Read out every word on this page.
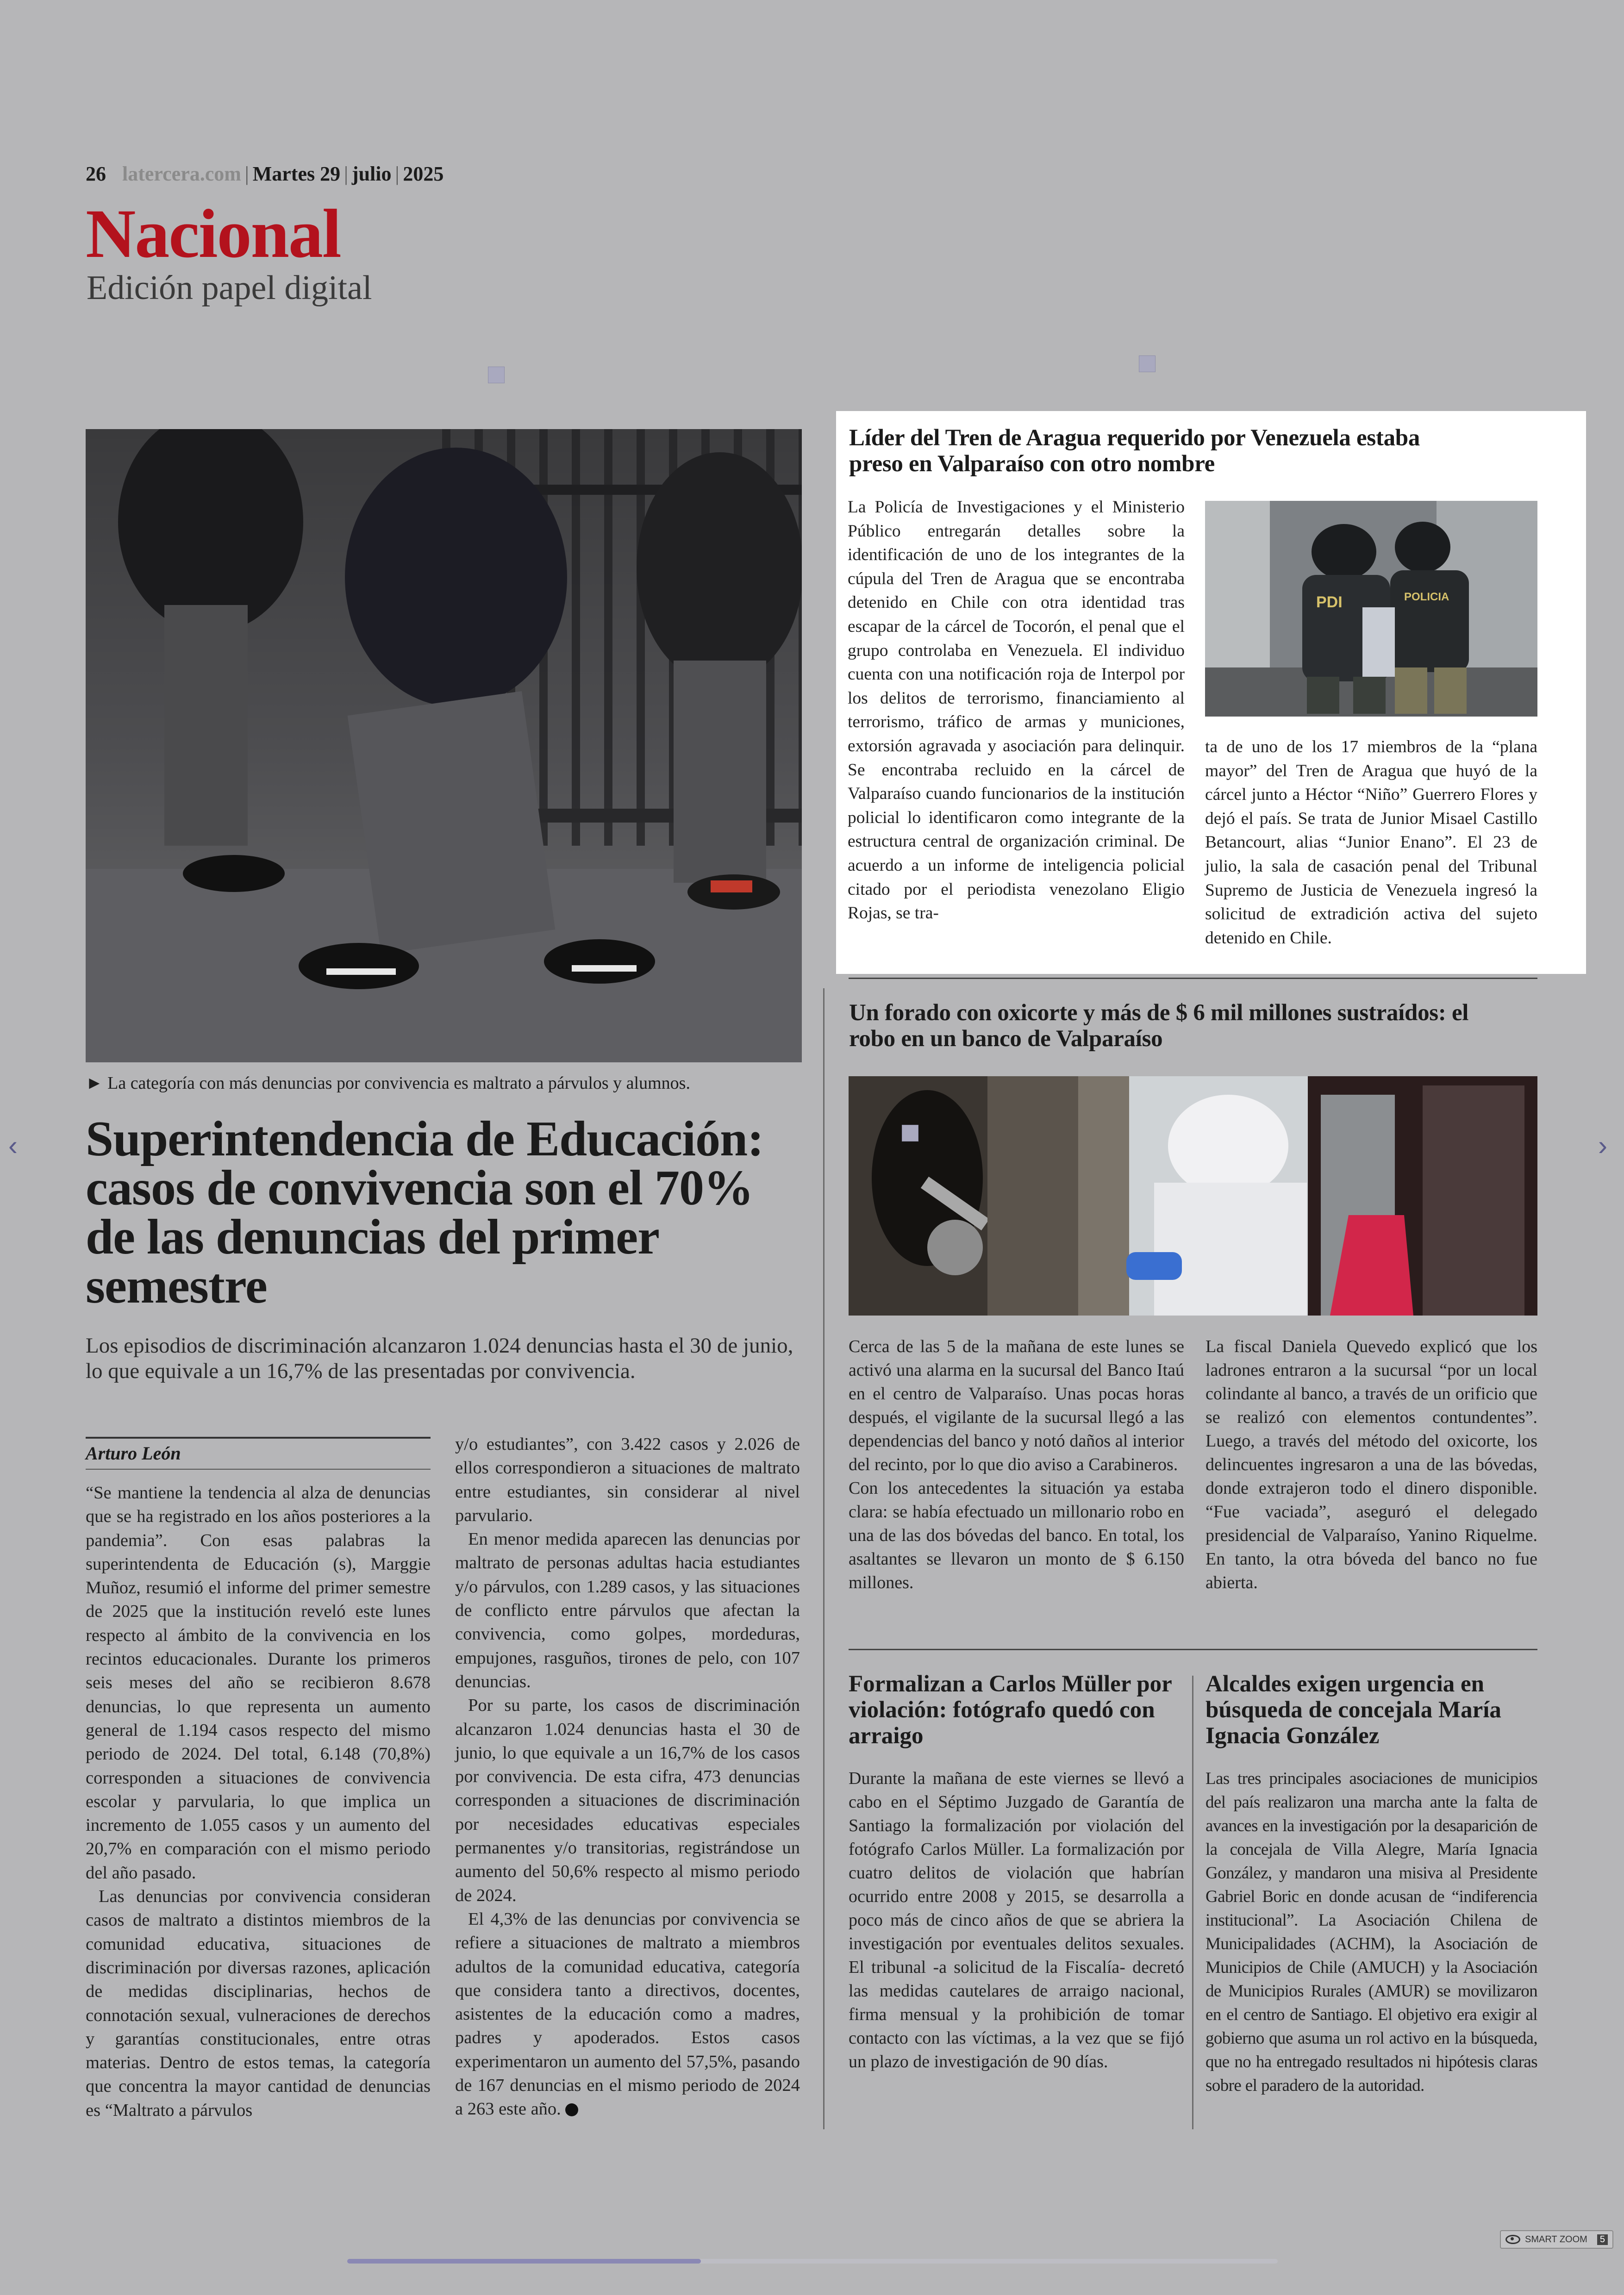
26 latercera.com | Martes 29 | julio | 2025
Nacional
Edición papel digital
► La categoría con más denuncias por convivencia es maltrato a párvulos y alumnos.
Superintendencia de Educación: casos de convivencia son el 70% de las denuncias del primer semestre
Los episodios de discriminación alcanzaron 1.024 denuncias hasta el 30 de junio, lo que equivale a un 16,7% de las presentadas por convivencia.
Arturo León

“Se mantiene la tendencia al alza de denuncias que se ha registrado en los años posteriores a la pandemia”. Con esas palabras la superintendenta de Educación (s), Marggie Muñoz, resumió el informe del primer semestre de 2025 que la institución reveló este lunes respecto al ámbito de la convivencia en los recintos educacionales. Durante los primeros seis meses del año se recibieron 8.678 denuncias, lo que representa un aumento general de 1.194 casos respecto del mismo periodo de 2024. Del total, 6.148 (70,8%) corresponden a situaciones de convivencia escolar y parvularia, lo que implica un incremento de 1.055 casos y un aumento del 20,7% en comparación con el mismo periodo del año pasado.

Las denuncias por convivencia consideran casos de maltrato a distintos miembros de la comunidad educativa, situaciones de discriminación por diversas razones, aplicación de medidas disciplinarias, hechos de connotación sexual, vulneraciones de derechos y garantías constitucionales, entre otras materias. Dentro de estos temas, la categoría que concentra la mayor cantidad de denuncias es “Maltrato a párvulos

y/o estudiantes”, con 3.422 casos y 2.026 de ellos correspondieron a situaciones de maltrato entre estudiantes, sin considerar al nivel parvulario.

En menor medida aparecen las denuncias por maltrato de personas adultas hacia estudiantes y/o párvulos, con 1.289 casos, y las situaciones de conflicto entre párvulos que afectan la convivencia, como golpes, mordeduras, empujones, rasguños, tirones de pelo, con 107 denuncias.

Por su parte, los casos de discriminación alcanzaron 1.024 denuncias hasta el 30 de junio, lo que equivale a un 16,7% de los casos por convivencia. De esta cifra, 473 denuncias corresponden a situaciones de discriminación por necesidades educativas especiales permanentes y/o transitorias, registrándose un aumento del 50,6% respecto al mismo periodo de 2024.

El 4,3% de las denuncias por convivencia se refiere a situaciones de maltrato a miembros adultos de la comunidad educativa, categoría que considera tanto a directivos, docentes, asistentes de la educación como a madres, padres y apoderados. Estos casos experimentaron un aumento del 57,5%, pasando de 167 denuncias en el mismo periodo de 2024 a 263 este año.

Líder del Tren de Aragua requerido por Venezuela estaba preso en Valparaíso con otro nombre

La Policía de Investigaciones y el Ministerio Público entregarán detalles sobre la identificación de uno de los integrantes de la cúpula del Tren de Aragua que se encontraba detenido en Chile con otra identidad tras escapar de la cárcel de Tocorón, el penal que el grupo controlaba en Venezuela. El individuo cuenta con una notificación roja de Interpol por los delitos de terrorismo, financiamiento al terrorismo, tráfico de armas y municiones, extorsión agravada y asociación para delinquir. Se encontraba recluido en la cárcel de Valparaíso cuando funcionarios de la institución policial lo identificaron como integrante de la estructura central de organización criminal. De acuerdo a un informe de inteligencia policial citado por el periodista venezolano Eligio Rojas, se tra-

PDI	POLICIA

ta de uno de los 17 miembros de la “plana mayor” del Tren de Aragua que huyó de la cárcel junto a Héctor “Niño” Guerrero Flores y dejó el país. Se trata de Junior Misael Castillo Betancourt, alias “Junior Enano”. El 23 de julio, la sala de casación penal del Tribunal Supremo de Justicia de Venezuela ingresó la solicitud de extradición activa del sujeto detenido en Chile.

Un forado con oxicorte y más de $ 6 mil millones sustraídos: el robo en un banco de Valparaíso

Cerca de las 5 de la mañana de este lunes se activó una alarma en la sucursal del Banco Itaú en el centro de Valparaíso. Unas pocas horas después, el vigilante de la sucursal llegó a las dependencias del banco y notó daños al interior del recinto, por lo que dio aviso a Carabineros.

Con los antecedentes la situación ya estaba clara: se había efectuado un millonario robo en una de las dos bóvedas del banco. En total, los asaltantes se llevaron un monto de $ 6.150 millones.

La fiscal Daniela Quevedo explicó que los ladrones entraron a la sucursal “por un local colindante al banco, a través de un orificio que se realizó con elementos contundentes”. Luego, a través del método del oxicorte, los delincuentes ingresaron a una de las bóvedas, donde extrajeron todo el dinero disponible. “Fue vaciada”, aseguró el delegado presidencial de Valparaíso, Yanino Riquelme. En tanto, la otra bóveda del banco no fue abierta.

Formalizan a Carlos Müller por violación: fotógrafo quedó con arraigo

Durante la mañana de este viernes se llevó a cabo en el Séptimo Juzgado de Garantía de Santiago la formalización por violación del fotógrafo Carlos Müller. La formalización por cuatro delitos de violación que habrían ocurrido entre 2008 y 2015, se desarrolla a poco más de cinco años de que se abriera la investigación por eventuales delitos sexuales. El tribunal -a solicitud de la Fiscalía- decretó las medidas cautelares de arraigo nacional, firma mensual y la prohibición de tomar contacto con las víctimas, a la vez que se fijó un plazo de investigación de 90 días.

Alcaldes exigen urgencia en búsqueda de concejala María Ignacia González

Las tres principales asociaciones de municipios del país realizaron una marcha ante la falta de avances en la investigación por la desaparición de la concejala de Villa Alegre, María Ignacia González, y mandaron una misiva al Presidente Gabriel Boric en donde acusan de “indiferencia institucional”. La Asociación Chilena de Municipalidades (ACHM), la Asociación de Municipios de Chile (AMUCH) y la Asociación de Municipios Rurales (AMUR) se movilizaron en el centro de Santiago. El objetivo era exigir al gobierno que asuma un rol activo en la búsqueda, que no ha entregado resultados ni hipótesis claras sobre el paradero de la autoridad.

‹	›
SMART ZOOM	5
